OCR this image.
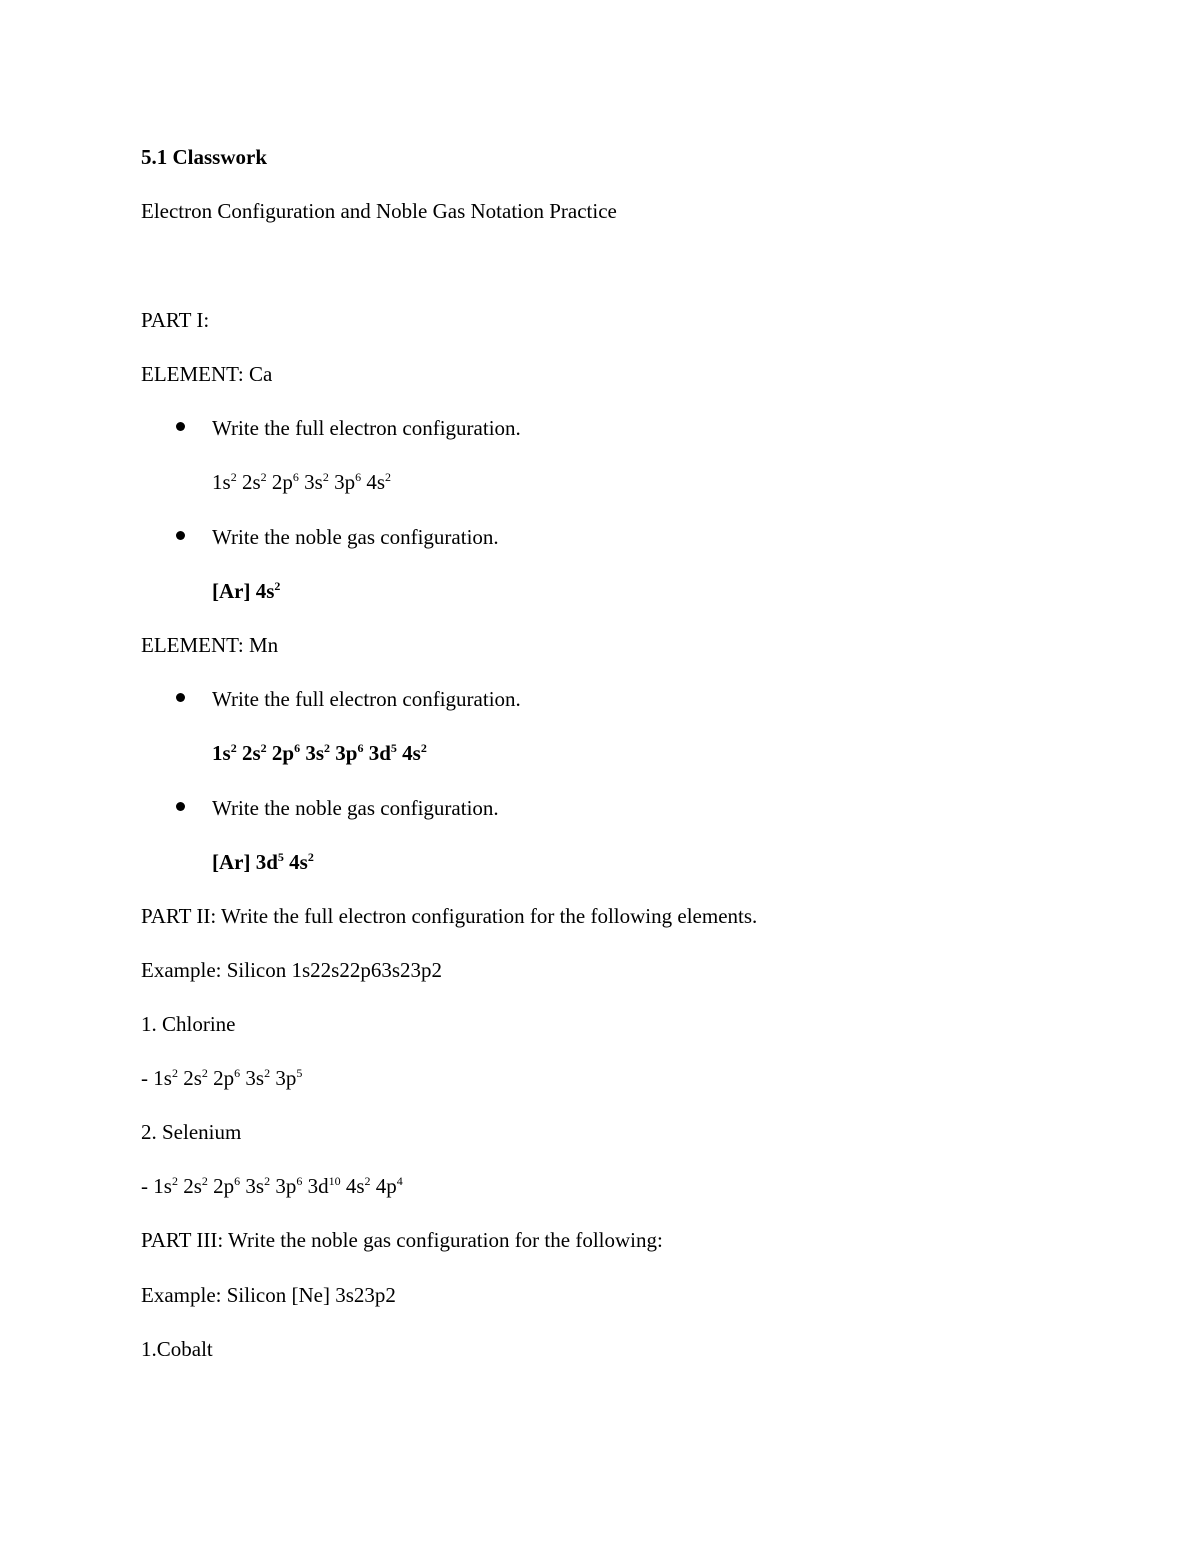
5.1 Classwork
Electron Configuration and Noble Gas Notation Practice
PART I:
ELEMENT: Ca
Write the full electron configuration.
$1s^2$ $2s^2$ $2p^6$ $3s^2$ $3p^6$ $4s^2$
Write the noble gas configuration.
[Ar] $4s^2$
ELEMENT: Mn
Write the full electron configuration.
$1s^2$ $2s^2$ $2p^6$ $3s^2$ $3p^6$ $3d^5$ $4s^2$
Write the noble gas configuration.
[Ar] $3d^5$ $4s^2$
PART II: Write the full electron configuration for the following elements.
Example: Silicon 1s22s22p63s23p2
1. Chlorine
- $1s^2$ $2s^2$ $2p^6$ $3s^2$ $3p^5$
2. Selenium
- $1s^2$ $2s^2$ $2p^6$ $3s^2$ $3p^6$ $3d^{10}$ $4s^2$ $4p^4$
PART III: Write the noble gas configuration for the following:
Example: Silicon [Ne] 3s23p2
1.Cobalt
